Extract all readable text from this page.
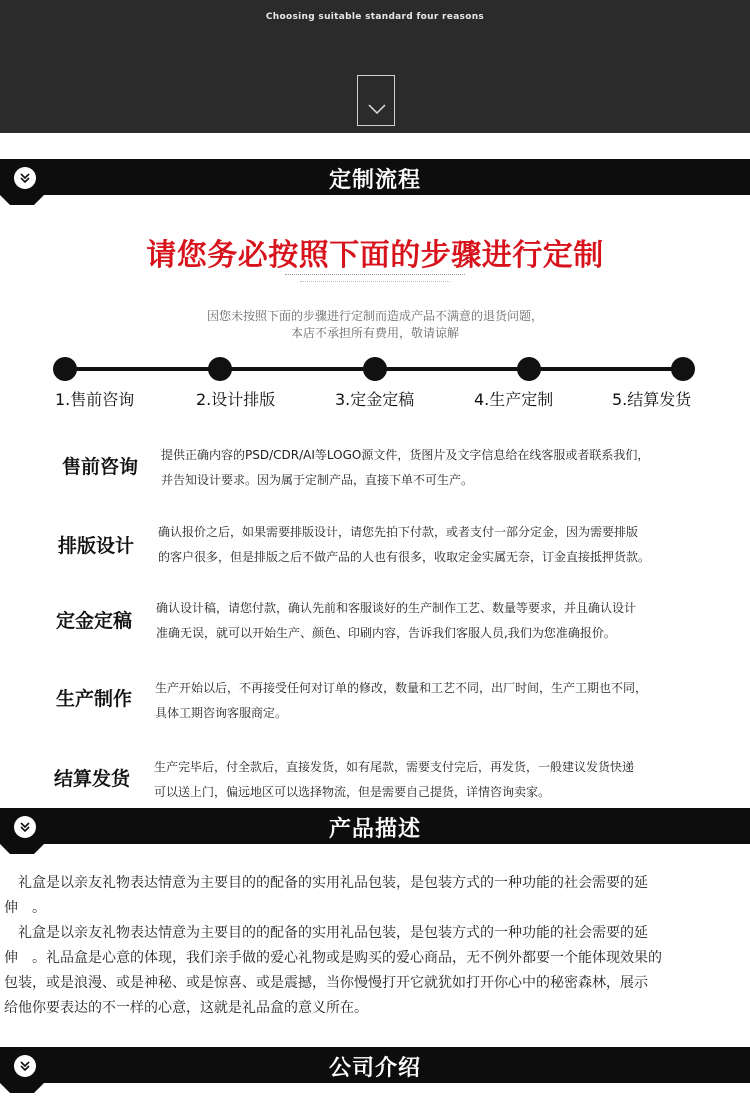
Choosing suitable standard four reasons
定制流程
请您务必按照下面的步骤进行定制
因您未按照下面的步骤进行定制而造成产品不满意的退货问题，
本店不承担所有费用，敬请谅解
1.售前咨询	2.设计排版	3.定金定稿	4.生产定制	5.结算发货
售前咨询
提供正确内容的PSD/CDR/AI等LOGO源文件，货图片及文字信息给在线客服或者联系我们，
并告知设计要求。因为属于定制产品，直接下单不可生产。
排版设计
确认报价之后，如果需要排版设计，请您先拍下付款，或者支付一部分定金，因为需要排版
的客户很多，但是排版之后不做产品的人也有很多，收取定金实属无奈，订金直接抵押货款。
定金定稿
确认设计稿，请您付款，确认先前和客服谈好的生产制作工艺、数量等要求，并且确认设计
准确无误，就可以开始生产、颜色、印刷内容，告诉我们客服人员,我们为您准确报价。
生产制作 生产开始以后，不再接受任何对订单的修改，数量和工艺不同，出厂时间，生产工期也不同，
具体工期咨询客服商定。
结算发货
生产完毕后，付全款后，直接发货，如有尾款，需要支付完后，再发货，一般建议发货快递
可以送上门，偏远地区可以选择物流，但是需要自己提货，详情咨询卖家。
产品描述
　礼盒是以亲友礼物表达情意为主要目的的配备的实用礼品包装，是包装方式的一种功能的社会需要的延
伸　。
　礼盒是以亲友礼物表达情意为主要目的的配备的实用礼品包装，是包装方式的一种功能的社会需要的延
伸　。礼品盒是心意的体现，我们亲手做的爱心礼物或是购买的爱心商品，无不例外都要一个能体现效果的
包装，或是浪漫、或是神秘、或是惊喜、或是震撼，当你慢慢打开它就犹如打开你心中的秘密森林，展示
给他你要表达的不一样的心意，这就是礼品盒的意义所在。
公司介绍
